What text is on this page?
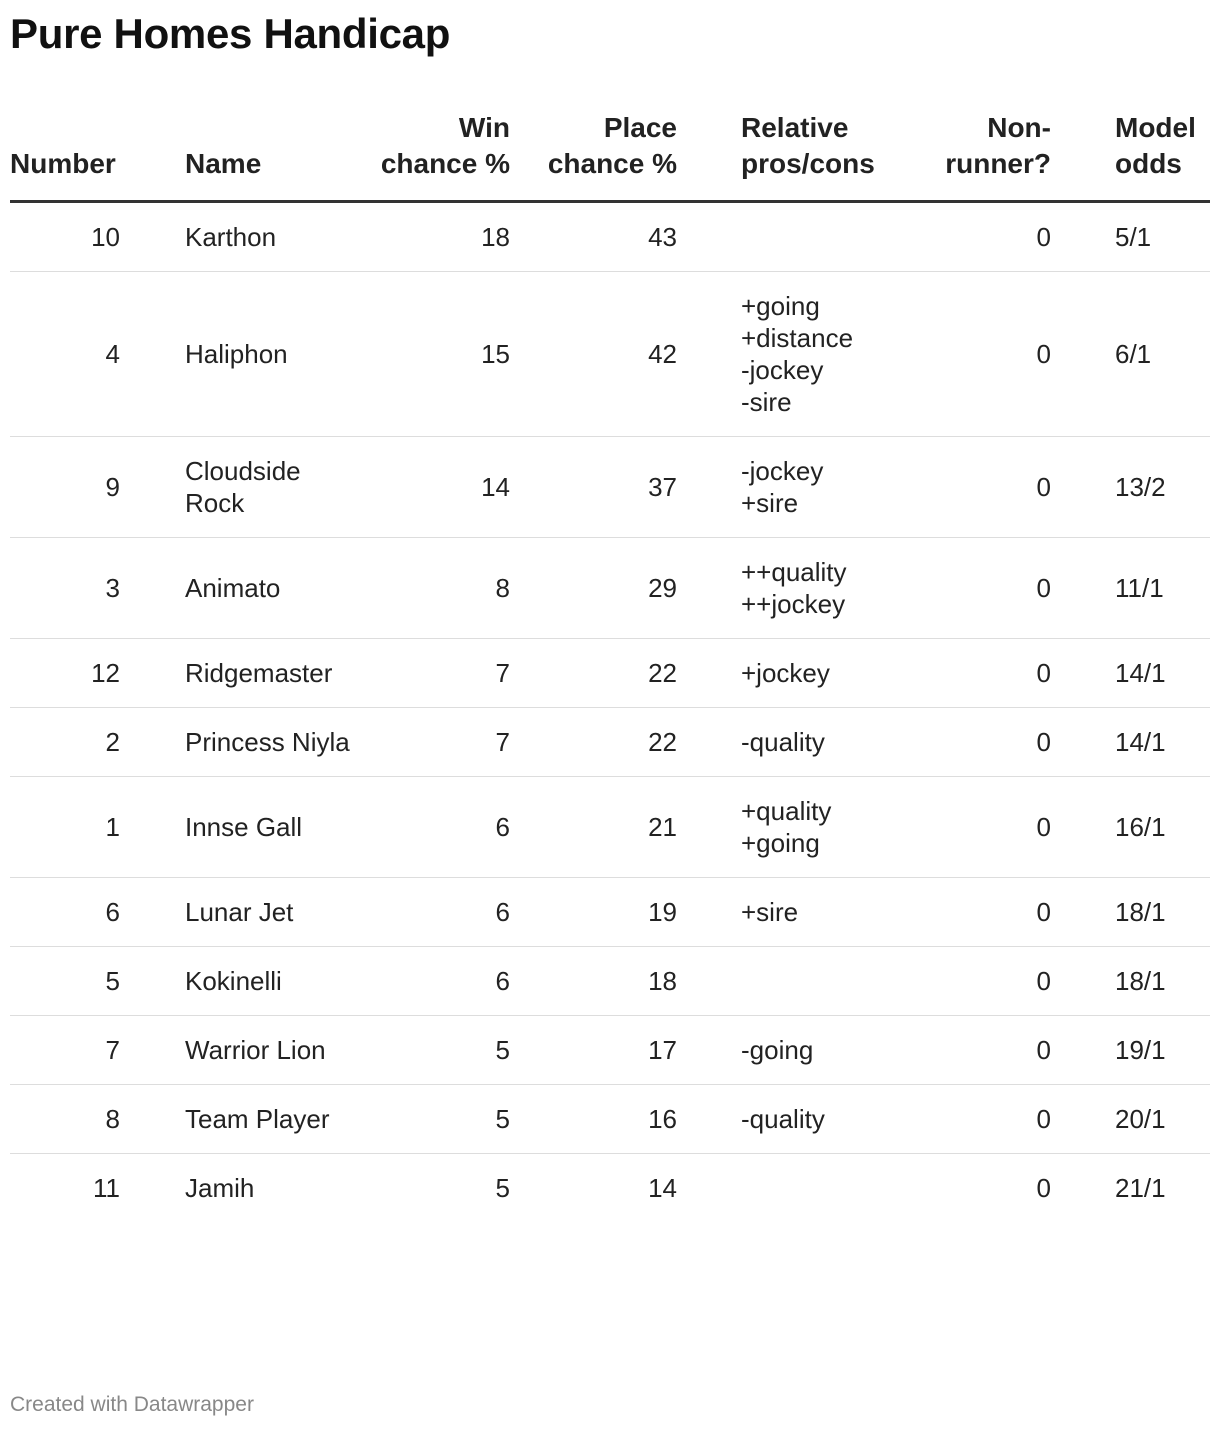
Pure Homes Handicap
Number		Name	Win chance %	Place chance %		Relative pros/cons	Non-runner?		Model odds
10		Karthon	18	43			0		5/1
4		Haliphon	15	42		+going
+distance
-jockey
-sire	0		6/1
9		Cloudside Rock	14	37		-jockey
+sire	0		13/2
3		Animato	8	29		++quality
++jockey	0		11/1
12		Ridgemaster	7	22		+jockey	0		14/1
2		Princess Niyla	7	22		-quality	0		14/1
1		Innse Gall	6	21		+quality
+going	0		16/1
6		Lunar Jet	6	19		+sire	0		18/1
5		Kokinelli	6	18			0		18/1
7		Warrior Lion	5	17		-going	0		19/1
8		Team Player	5	16		-quality	0		20/1
11		Jamih	5	14			0		21/1
Created with Datawrapper
